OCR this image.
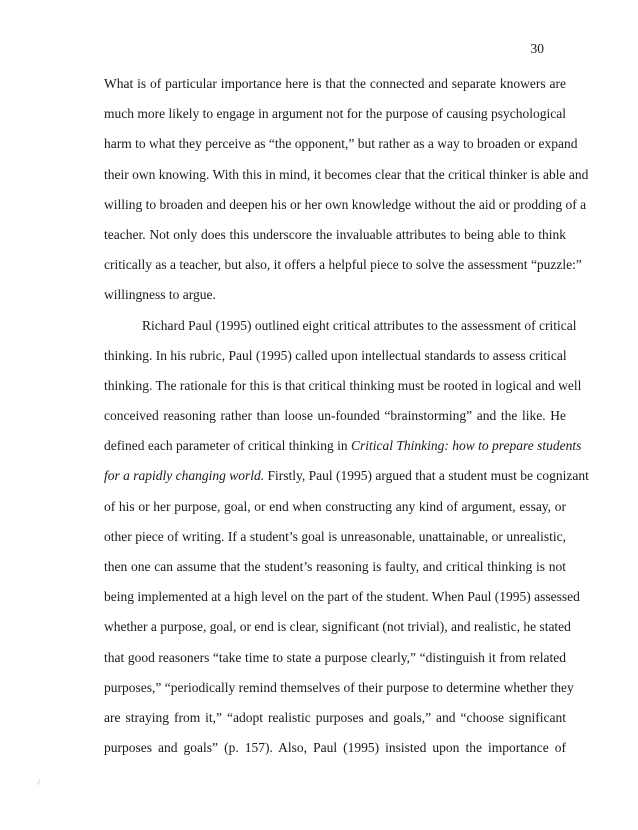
30
What is of particular importance here is that the connected and separate knowers are
much more likely to engage in argument not for the purpose of causing psychological
harm to what they perceive as “the opponent,” but rather as a way to broaden or expand
their own knowing. With this in mind, it becomes clear that the critical thinker is able and
willing to broaden and deepen his or her own knowledge without the aid or prodding of a
teacher. Not only does this underscore the invaluable attributes to being able to think
critically as a teacher, but also, it offers a helpful piece to solve the assessment “puzzle:”
willingness to argue.
Richard Paul (1995) outlined eight critical attributes to the assessment of critical
thinking. In his rubric, Paul (1995) called upon intellectual standards to assess critical
thinking. The rationale for this is that critical thinking must be rooted in logical and well
conceived reasoning rather than loose un-founded “brainstorming” and the like. He
defined each parameter of critical thinking in Critical Thinking: how to prepare students
for a rapidly changing world. Firstly, Paul (1995) argued that a student must be cognizant
of his or her purpose, goal, or end when constructing any kind of argument, essay, or
other piece of writing. If a student’s goal is unreasonable, unattainable, or unrealistic,
then one can assume that the student’s reasoning is faulty, and critical thinking is not
being implemented at a high level on the part of the student. When Paul (1995) assessed
whether a purpose, goal, or end is clear, significant (not trivial), and realistic, he stated
that good reasoners “take time to state a purpose clearly,” “distinguish it from related
purposes,” “periodically remind themselves of their purpose to determine whether they
are straying from it,” “adopt realistic purposes and goals,” and “choose significant
purposes and goals” (p. 157). Also, Paul (1995) insisted upon the importance of
